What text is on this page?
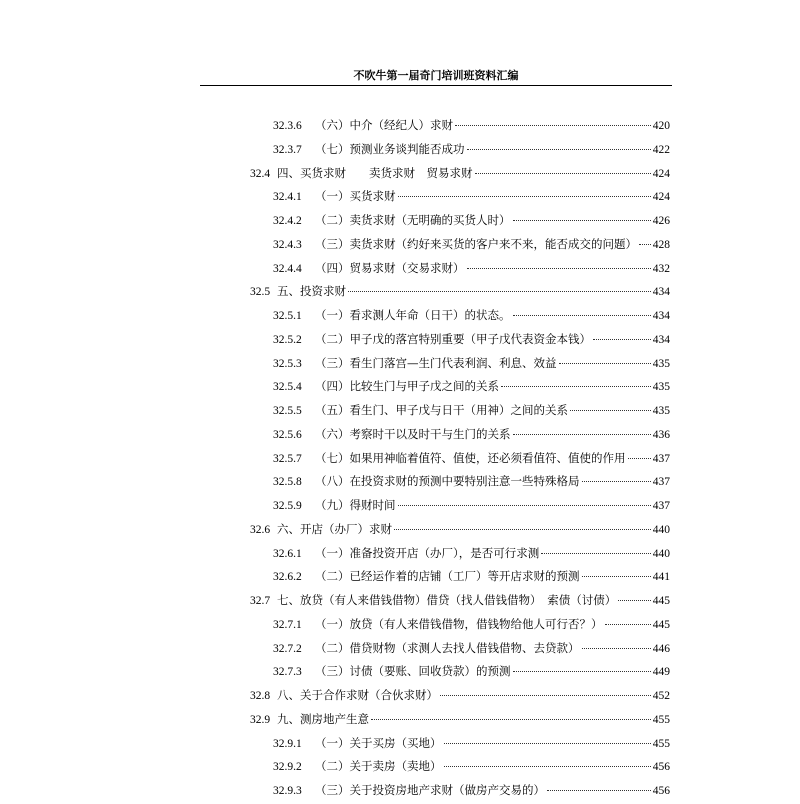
不吹牛第一届奇门培训班资料汇编
32.3.6	（六）中介（经纪人）求财	420
32.3.7	（七）预测业务谈判能否成功	422
32.4 四、买货求财　　卖货求财　贸易求财	424
32.4.1	（一）买货求财	424
32.4.2	（二）卖货求财（无明确的买货人时）	426
32.4.3	（三）卖货求财（约好来买货的客户来不来，能否成交的问题） 428
32.4.4	（四）贸易求财（交易求财）	432
32.5 五、投资求财	434
32.5.1	（一）看求测人年命（日干）的状态。	434
32.5.2	（二）甲子戊的落宫特别重要（甲子戊代表资金本钱）	434
32.5.3	（三）看生门落宫—生门代表利润、利息、效益	435
32.5.4	（四）比较生门与甲子戊之间的关系	435
32.5.5	（五）看生门、甲子戊与日干（用神）之间的关系	435
32.5.6	（六）考察时干以及时干与生门的关系	436
32.5.7	（七）如果用神临着值符、值使，还必须看值符、值使的作用 437
32.5.8	（八）在投资求财的预测中要特别注意一些特殊格局	437
32.5.9	（九）得财时间	437
32.6 六、开店（办厂）求财	440
32.6.1	（一）准备投资开店（办厂），是否可行求测	440
32.6.2	（二）已经运作着的店铺（工厂）等开店求财的预测	441
32.7 七、放贷（有人来借钱借物）借贷（找人借钱借物）　索债（讨债）	445
32.7.1	（一）放贷（有人来借钱借物，借钱物给他人可行否？）	445
32.7.2	（二）借贷财物（求测人去找人借钱借物、去贷款）	446
32.7.3	（三）讨债（要账、回收贷款）的预测	449
32.8 八、关于合作求财（合伙求财）	452
32.9 九、测房地产生意	455
32.9.1	（一）关于买房（买地）	455
32.9.2	（二）关于卖房（卖地）	456
32.9.3	（三）关于投资房地产求财（做房产交易的）	456
